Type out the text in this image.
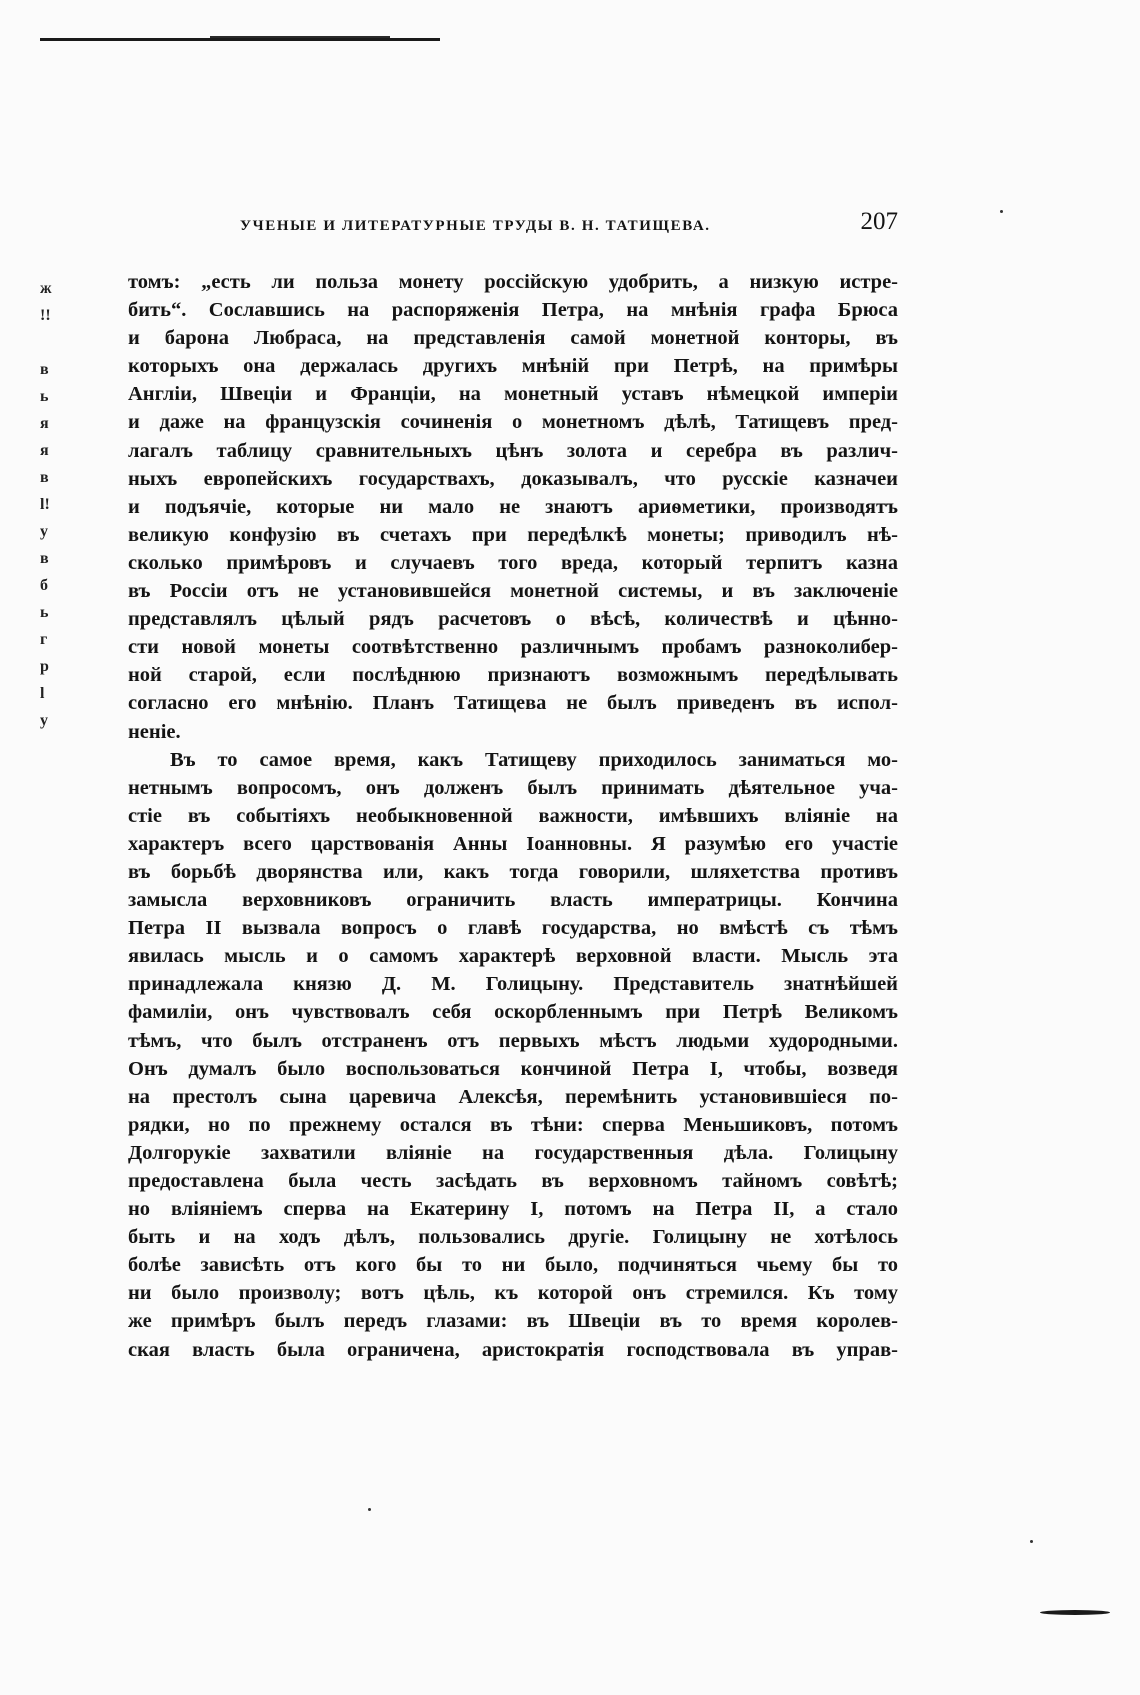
ж
!!
в
ь
я
я
в
l!
у
в
б
ь
г
р
l
у
УЧЕНЫЕ И ЛИТЕРАТУРНЫЕ ТРУДЫ В. Н. ТАТИЩЕВА.	207
томъ: „есть ли польза монету россійскую удобрить, а низкую истре-
бить“. Сославшись на распоряженія Петра, на мнѣнія графа Брюса
и барона Любраса, на представленія самой монетной конторы, въ
которыхъ она держалась другихъ мнѣній при Петрѣ, на примѣры
Англіи, Швеціи и Франціи, на монетный уставъ нѣмецкой имперіи
и даже на французскія сочиненія о монетномъ дѣлѣ, Татищевъ пред-
лагалъ таблицу сравнительныхъ цѣнъ золота и серебра въ различ-
ныхъ европейскихъ государствахъ, доказывалъ, что русскіе казначеи
и подъячіе, которые ни мало не знаютъ ариѳметики, производятъ
великую конфузію въ счетахъ при передѣлкѣ монеты; приводилъ нѣ-
сколько примѣровъ и случаевъ того вреда, который терпитъ казна
въ Россіи отъ не установившейся монетной системы, и въ заключеніе
представлялъ цѣлый рядъ расчетовъ о вѣсѣ, количествѣ и цѣнно-
сти новой монеты соотвѣтственно различнымъ пробамъ разноколибер-
ной старой, если послѣднюю признаютъ возможнымъ передѣлывать
согласно его мнѣнію. Планъ Татищева не былъ приведенъ въ испол-
неніе.
Въ то самое время, какъ Татищеву приходилось заниматься мо-
нетнымъ вопросомъ, онъ долженъ былъ принимать дѣятельное уча-
стіе въ событіяхъ необыкновенной важности, имѣвшихъ вліяніе на
характеръ всего царствованія Анны Іоанновны. Я разумѣю его участіе
въ борьбѣ дворянства или, какъ тогда говорили, шляхетства противъ
замысла верховниковъ ограничить власть императрицы. Кончина
Петра II вызвала вопросъ о главѣ государства, но вмѣстѣ съ тѣмъ
явилась мысль и о самомъ характерѣ верховной власти. Мысль эта
принадлежала князю Д. М. Голицыну. Представитель знатнѣйшей
фамиліи, онъ чувствовалъ себя оскорбленнымъ при Петрѣ Великомъ
тѣмъ, что былъ отстраненъ отъ первыхъ мѣстъ людьми худородными.
Онъ думалъ было воспользоваться кончиной Петра I, чтобы, возведя
на престолъ сына царевича Алексѣя, перемѣнить установившіеся по-
рядки, но по прежнему остался въ тѣни: сперва Меньшиковъ, потомъ
Долгорукіе захватили вліяніе на государственныя дѣла. Голицыну
предоставлена была честь засѣдать въ верховномъ тайномъ совѣтѣ;
но вліяніемъ сперва на Екатерину I, потомъ на Петра II, а стало
быть и на ходъ дѣлъ, пользовались другіе. Голицыну не хотѣлось
болѣе зависѣть отъ кого бы то ни было, подчиняться чьему бы то
ни было произволу; вотъ цѣль, къ которой онъ стремился. Къ тому
же примѣръ былъ передъ глазами: въ Швеціи въ то время королев-
ская власть была ограничена, аристократія господствовала въ управ-
